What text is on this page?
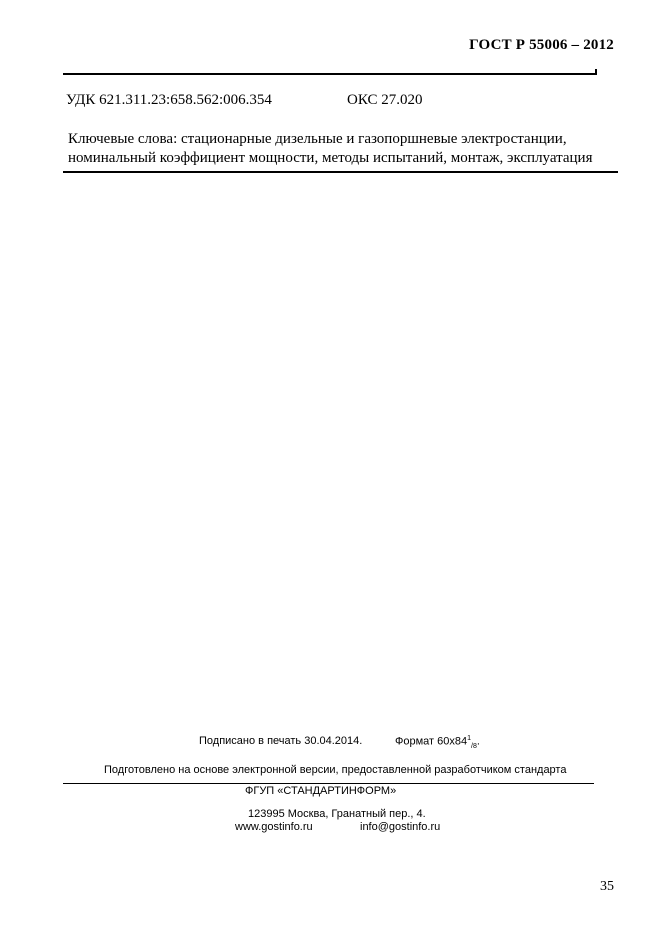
ГОСТ Р 55006 – 2012
УДК 621.311.23:658.562:006.354	ОКС 27.020
Ключевые слова: стационарные дизельные и газопоршневые электростанции,
номинальный коэффициент мощности, методы испытаний, монтаж, эксплуатация
Подписано в печать 30.04.2014.	Формат $60х84^1_{/8}$.
Подготовлено на основе электронной версии, предоставленной разработчиком стандарта
ФГУП «СТАНДАРТИНФОРМ»
123995 Москва, Гранатный пер., 4.
www.gostinfo.ru	info@gostinfo.ru
35
